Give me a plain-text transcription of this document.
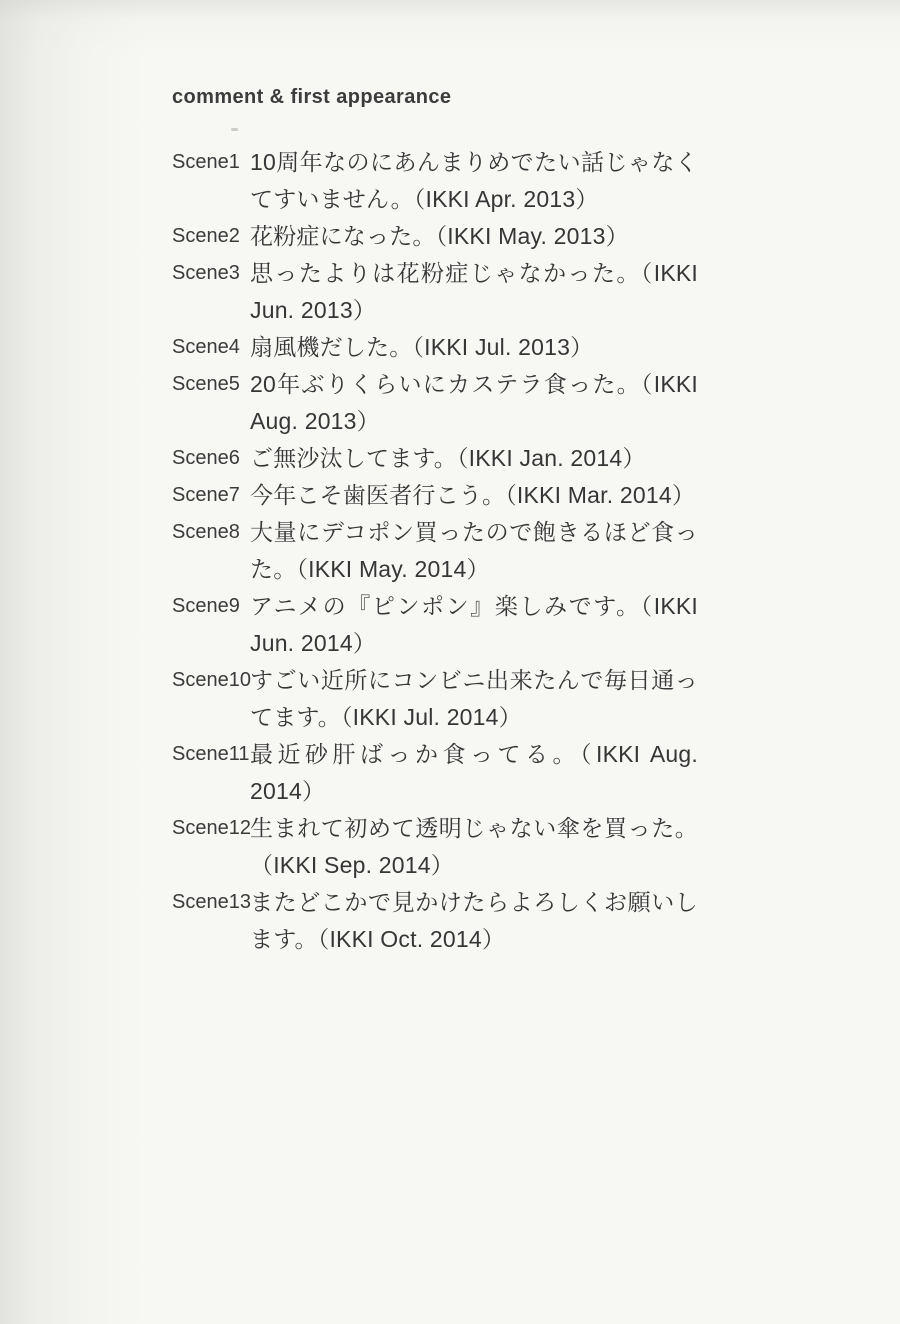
comment & first appearance
Scene1 10周年なのにあんまりめでたい話じゃなくてすいません。（IKKI Apr. 2013）
Scene2 花粉症になった。（IKKI May. 2013）
Scene3 思ったよりは花粉症じゃなかった。（IKKI Jun. 2013）
Scene4 扇風機だした。（IKKI Jul. 2013）
Scene5 20年ぶりくらいにカステラ食った。（IKKI Aug. 2013）
Scene6 ご無沙汰してます。（IKKI Jan. 2014）
Scene7 今年こそ歯医者行こう。（IKKI Mar. 2014）
Scene8 大量にデコポン買ったので飽きるほど食った。（IKKI May. 2014）
Scene9 アニメの『ピンポン』楽しみです。（IKKI Jun. 2014）
Scene10 すごい近所にコンビニ出来たんで毎日通ってます。（IKKI Jul. 2014）
Scene11 最近砂肝ばっか食ってる。（IKKI Aug. 2014）
Scene12 生まれて初めて透明じゃない傘を買った。（IKKI Sep. 2014）
Scene13 またどこかで見かけたらよろしくお願いします。（IKKI Oct. 2014）
